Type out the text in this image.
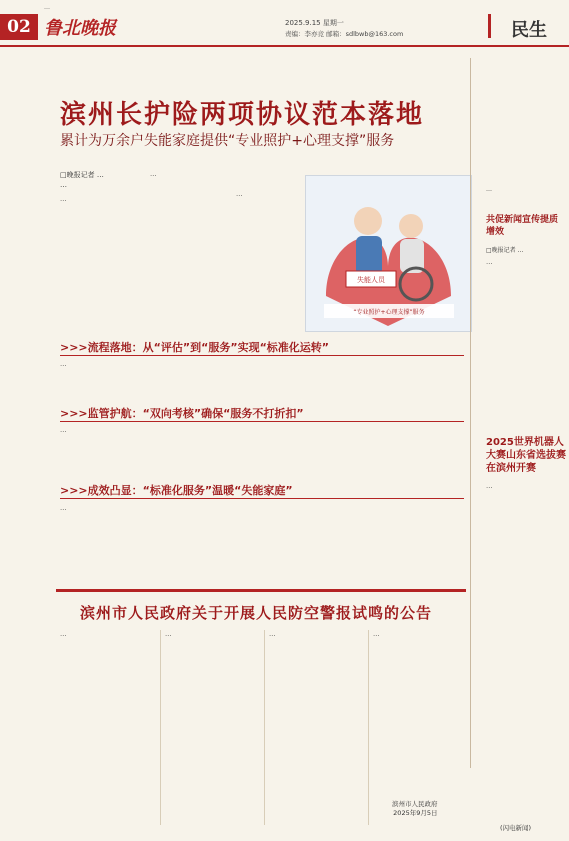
…
02 鲁北晚报	2025.9.15 星期一
责编：李亦竞 邮箱：sdlbwb@163.com	民生
滨州长护险两项协议范本落地
累计为万余户失能家庭提供“专业照护+心理支撑”服务
□晚报记者 …
…
…
…
…
失能人员
“专业照护+心理支撑”服务
>>>流程落地：从“评估”到“服务”实现“标准化运转”
…
>>>监管护航：“双向考核”确保“服务不打折扣”
…
>>>成效凸显：“标准化服务”温暖“失能家庭”
…
…
共促新闻宣传提质增效
□晚报记者 …
…
2025世界机器人大赛山东省选拔赛在滨州开赛
…
(闪电新闻)
滨州市人民政府关于开展人民防空警报试鸣的公告
…	…	…	…
滨州市人民政府
2025年9月5日
